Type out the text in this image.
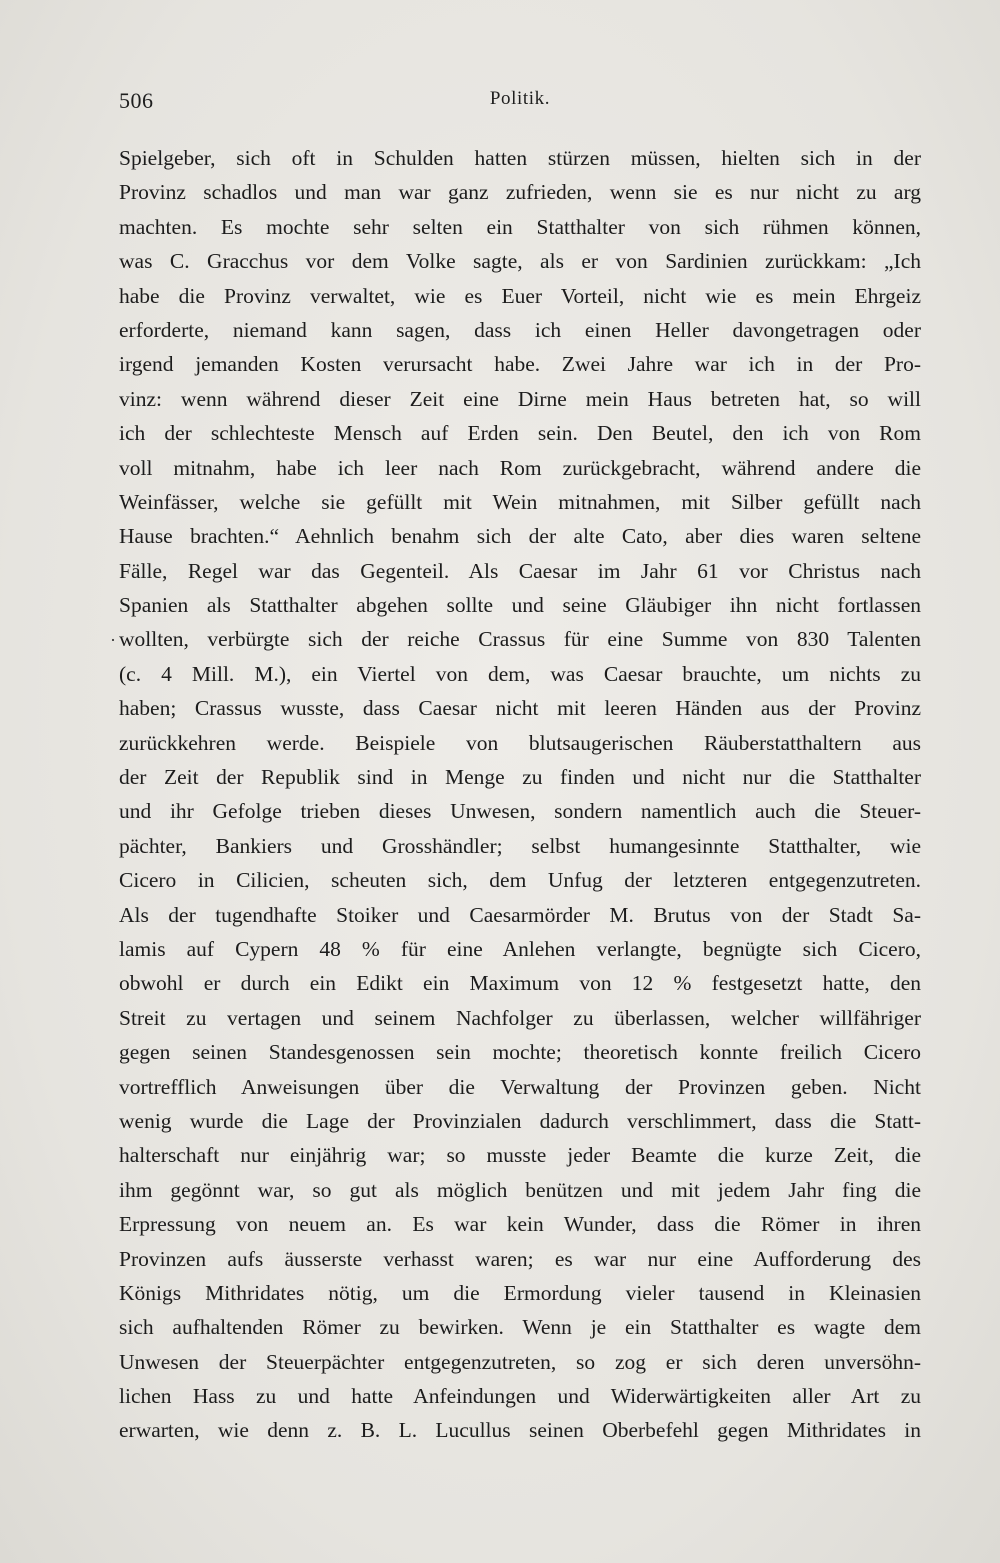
506	Politik.
·
Spielgeber, sich oft in Schulden hatten stürzen müssen, hielten sich in der
Provinz schadlos und man war ganz zufrieden, wenn sie es nur nicht zu arg
machten. Es mochte sehr selten ein Statthalter von sich rühmen können,
was C. Gracchus vor dem Volke sagte, als er von Sardinien zurückkam: „Ich
habe die Provinz verwaltet, wie es Euer Vorteil, nicht wie es mein Ehrgeiz
erforderte, niemand kann sagen, dass ich einen Heller davongetragen oder
irgend jemanden Kosten verursacht habe. Zwei Jahre war ich in der Pro-
vinz: wenn während dieser Zeit eine Dirne mein Haus betreten hat, so will
ich der schlechteste Mensch auf Erden sein. Den Beutel, den ich von Rom
voll mitnahm, habe ich leer nach Rom zurückgebracht, während andere die
Weinfässer, welche sie gefüllt mit Wein mitnahmen, mit Silber gefüllt nach
Hause brachten.“ Aehnlich benahm sich der alte Cato, aber dies waren seltene
Fälle, Regel war das Gegenteil. Als Caesar im Jahr 61 vor Christus nach
Spanien als Statthalter abgehen sollte und seine Gläubiger ihn nicht fortlassen
wollten, verbürgte sich der reiche Crassus für eine Summe von 830 Talenten
(c. 4 Mill. M.), ein Viertel von dem, was Caesar brauchte, um nichts zu
haben; Crassus wusste, dass Caesar nicht mit leeren Händen aus der Provinz
zurückkehren werde. Beispiele von blutsaugerischen Räuberstatthaltern aus
der Zeit der Republik sind in Menge zu finden und nicht nur die Statthalter
und ihr Gefolge trieben dieses Unwesen, sondern namentlich auch die Steuer-
pächter, Bankiers und Grosshändler; selbst humangesinnte Statthalter, wie
Cicero in Cilicien, scheuten sich, dem Unfug der letzteren entgegenzutreten.
Als der tugendhafte Stoiker und Caesarmörder M. Brutus von der Stadt Sa-
lamis auf Cypern 48 % für eine Anlehen verlangte, begnügte sich Cicero,
obwohl er durch ein Edikt ein Maximum von 12 % festgesetzt hatte, den
Streit zu vertagen und seinem Nachfolger zu überlassen, welcher willfähriger
gegen seinen Standesgenossen sein mochte; theoretisch konnte freilich Cicero
vortrefflich Anweisungen über die Verwaltung der Provinzen geben. Nicht
wenig wurde die Lage der Provinzialen dadurch verschlimmert, dass die Statt-
halterschaft nur einjährig war; so musste jeder Beamte die kurze Zeit, die
ihm gegönnt war, so gut als möglich benützen und mit jedem Jahr fing die
Erpressung von neuem an. Es war kein Wunder, dass die Römer in ihren
Provinzen aufs äusserste verhasst waren; es war nur eine Aufforderung des
Königs Mithridates nötig, um die Ermordung vieler tausend in Kleinasien
sich aufhaltenden Römer zu bewirken. Wenn je ein Statthalter es wagte dem
Unwesen der Steuerpächter entgegenzutreten, so zog er sich deren unversöhn-
lichen Hass zu und hatte Anfeindungen und Widerwärtigkeiten aller Art zu
erwarten, wie denn z. B. L. Lucullus seinen Oberbefehl gegen Mithridates in
